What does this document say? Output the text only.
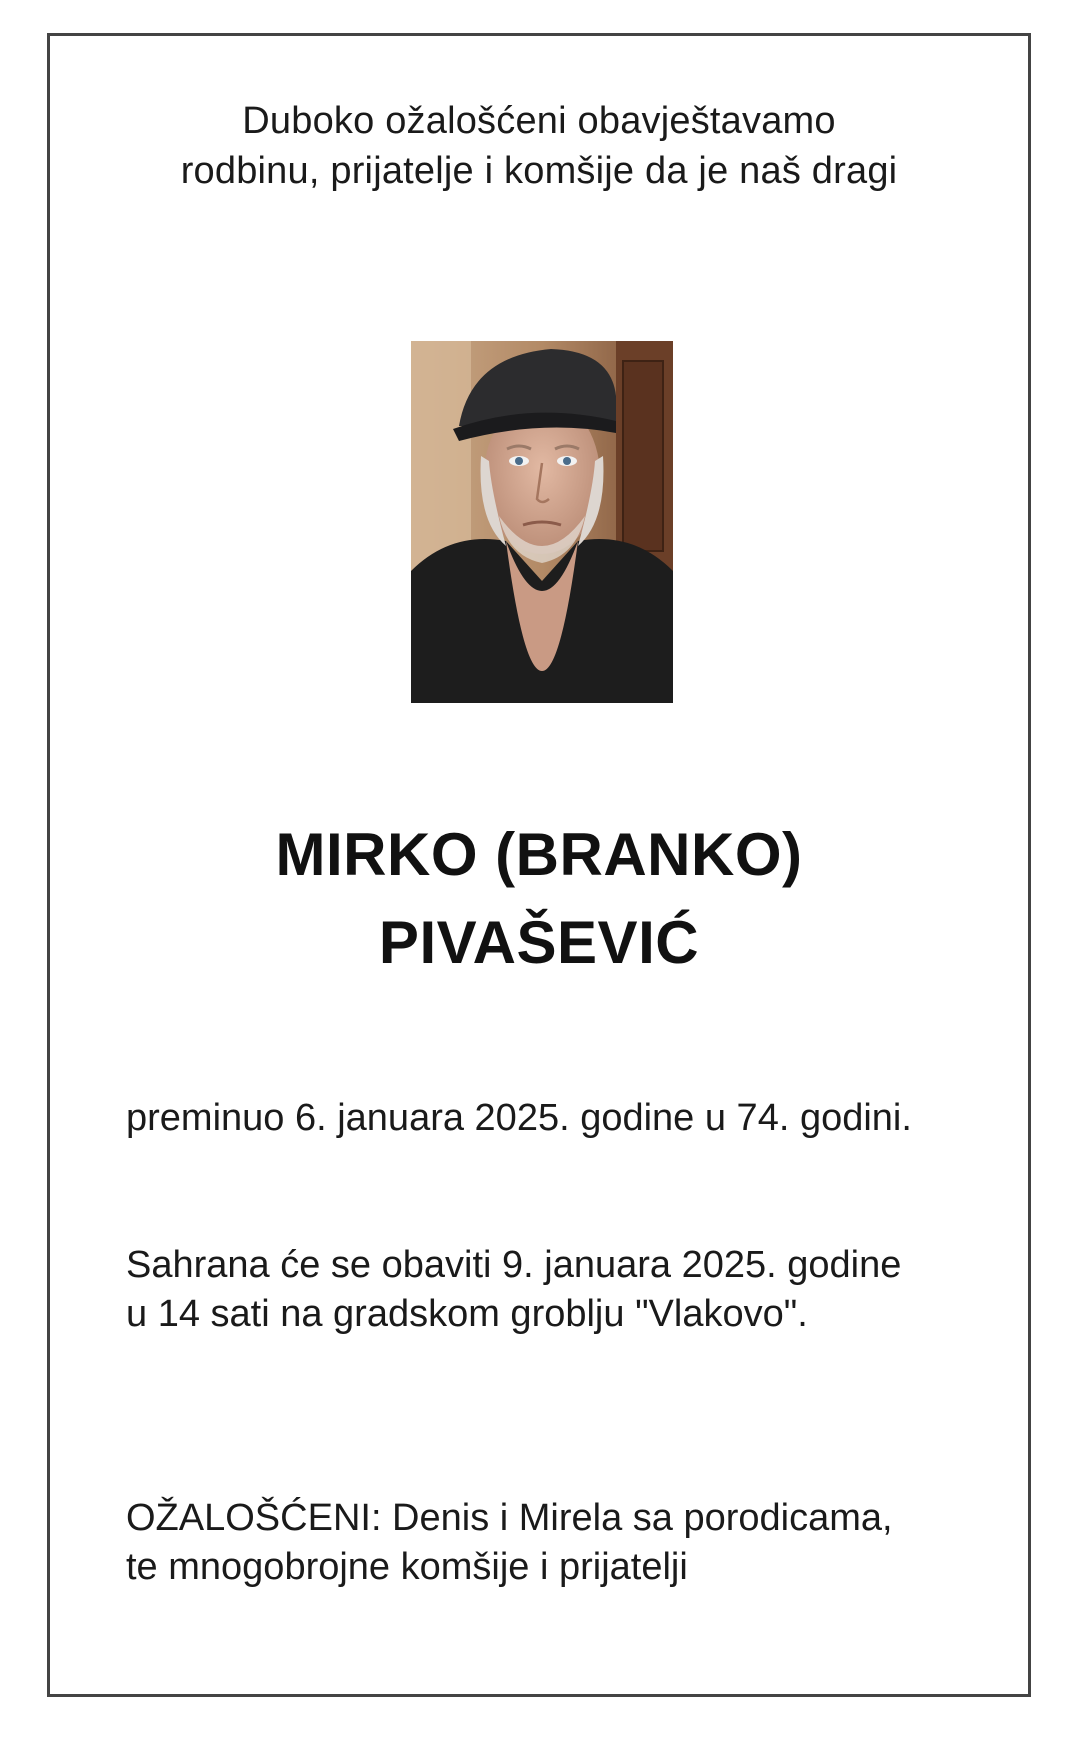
Duboko ožalošćeni obavještavamo
rodbinu, prijatelje i komšije da je naš dragi
MIRKO (BRANKO)
PIVAŠEVIĆ
preminuo 6. januara 2025. godine u 74. godini.
Sahrana će se obaviti 9. januara 2025. godine u 14 sati na gradskom groblju "Vlakovo".
OŽALOŠĆENI: Denis i Mirela sa porodicama, te mnogobrojne komšije i prijatelji
